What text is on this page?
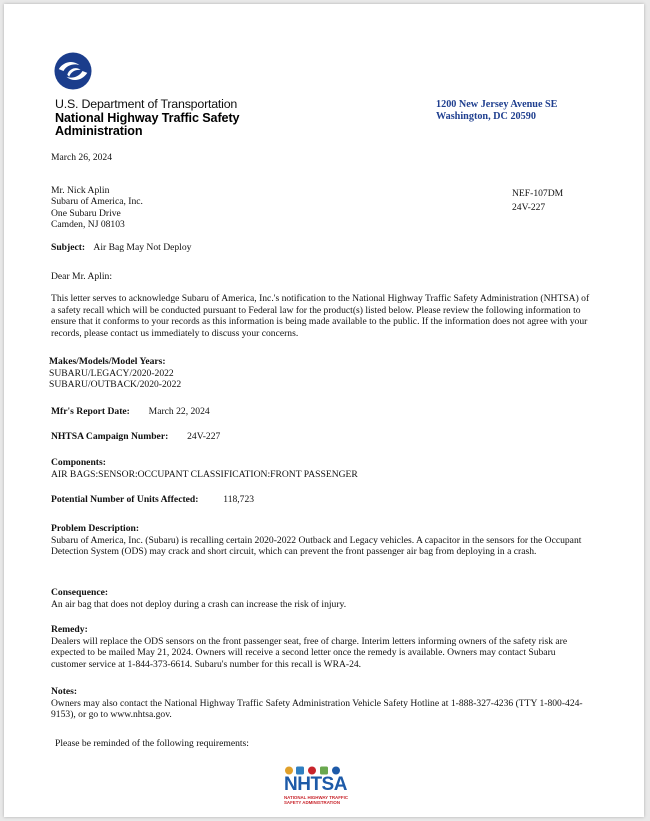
U.S. Department of Transportation
National Highway Traffic Safety
Administration
1200 New Jersey Avenue SE
Washington, DC 20590
March 26, 2024
Mr. Nick Aplin
Subaru of America, Inc.
One Subaru Drive
Camden, NJ 08103
NEF-107DM
24V-227
Subject: Air Bag May Not Deploy
Dear Mr. Aplin:
This letter serves to acknowledge Subaru of America, Inc.'s notification to the National Highway Traffic Safety Administration (NHTSA) of a safety recall which will be conducted pursuant to Federal law for the product(s) listed below. Please review the following information to ensure that it conforms to your records as this information is being made available to the public. If the information does not agree with your records, please contact us immediately to discuss your concerns.
Makes/Models/Model Years:
SUBARU/LEGACY/2020-2022
SUBARU/OUTBACK/2020-2022
Mfr's Report Date: March 22, 2024
NHTSA Campaign Number: 24V-227
Components:
AIR BAGS:SENSOR:OCCUPANT CLASSIFICATION:FRONT PASSENGER
Potential Number of Units Affected:	118,723
Problem Description:
Subaru of America, Inc. (Subaru) is recalling certain 2020-2022 Outback and Legacy vehicles. A capacitor in the sensors for the Occupant Detection System (ODS) may crack and short circuit, which can prevent the front passenger air bag from deploying in a crash.
Consequence:
An air bag that does not deploy during a crash can increase the risk of injury.
Remedy:
Dealers will replace the ODS sensors on the front passenger seat, free of charge. Interim letters informing owners of the safety risk are expected to be mailed May 21, 2024. Owners will receive a second letter once the remedy is available. Owners may contact Subaru customer service at 1-844-373-6614. Subaru's number for this recall is WRA-24.
Notes:
Owners may also contact the National Highway Traffic Safety Administration Vehicle Safety Hotline at 1-888-327-4236 (TTY 1-800-424-9153), or go to www.nhtsa.gov.
Please be reminded of the following requirements:
NHTSA
NATIONAL HIGHWAY TRAFFIC
SAFETY ADMINISTRATION
